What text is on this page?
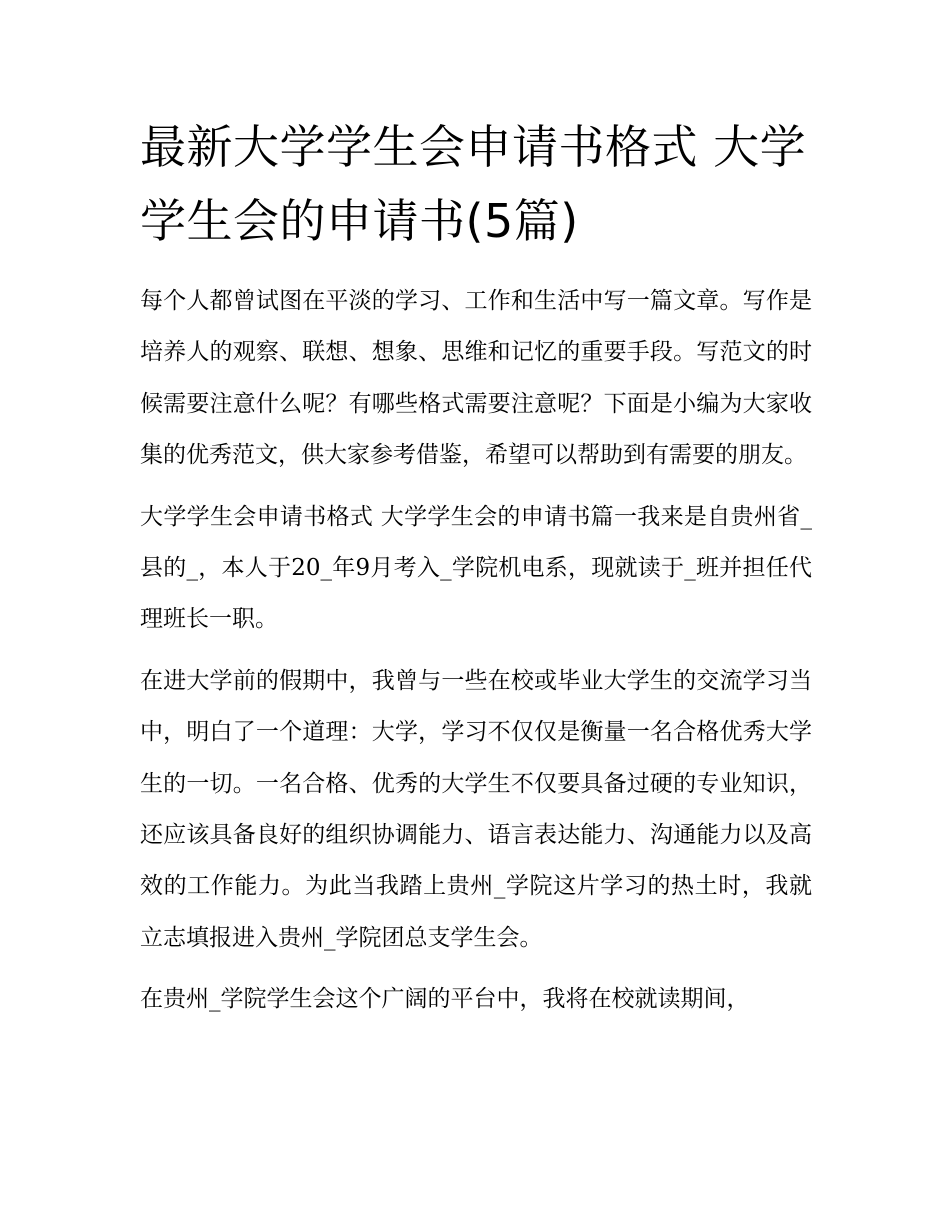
最新大学学生会申请书格式 大学学生会的申请书(5篇)

每个人都曾试图在平淡的学习、工作和生活中写一篇文章。写作是培养人的观察、联想、想象、思维和记忆的重要手段。写范文的时候需要注意什么呢？有哪些格式需要注意呢？下面是小编为大家收集的优秀范文，供大家参考借鉴，希望可以帮助到有需要的朋友。

大学学生会申请书格式 大学学生会的申请书篇一我来是自贵州省_县的_，本人于20_年9月考入_学院机电系，现就读于_班并担任代理班长一职。

在进大学前的假期中，我曾与一些在校或毕业大学生的交流学习当中，明白了一个道理：大学，学习不仅仅是衡量一名合格优秀大学生的一切。一名合格、优秀的大学生不仅要具备过硬的专业知识，还应该具备良好的组织协调能力、语言表达能力、沟通能力以及高效的工作能力。为此当我踏上贵州_学院这片学习的热土时，我就立志填报进入贵州_学院团总支学生会。

在贵州_学院学生会这个广阔的平台中，我将在校就读期间，
